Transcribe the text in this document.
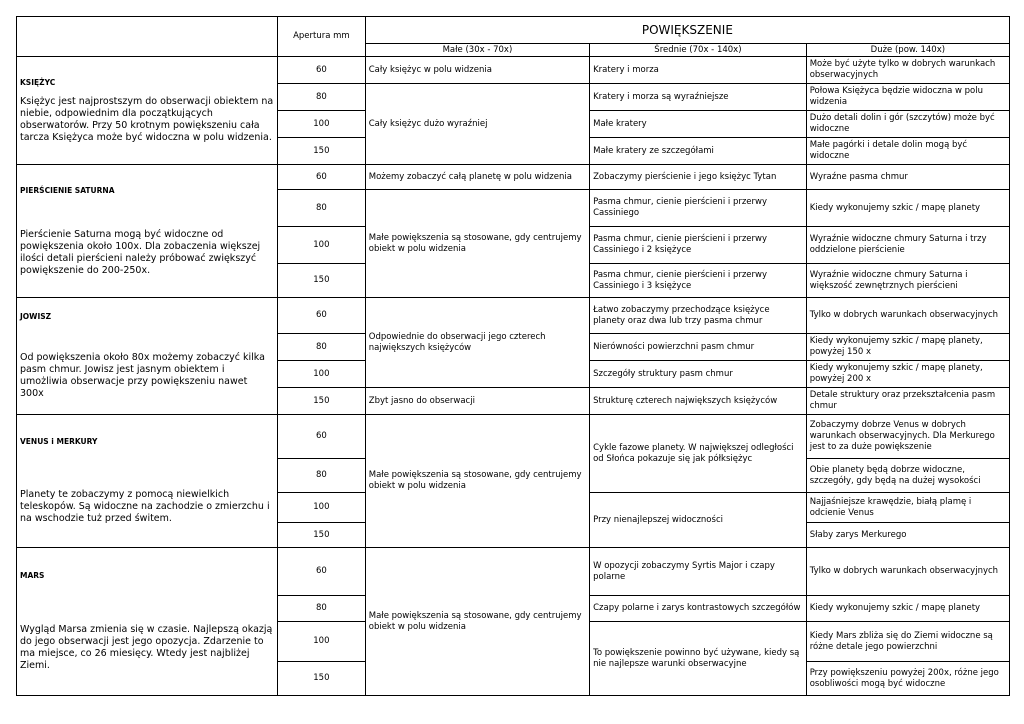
	Apertura mm	POWIĘKSZENIE		
		Małe (30x - 70x)	Średnie (70x - 140x)	Duże (pow. 140x)

KSIĘŻYC
Księżyc jest najprostszym do obserwacji obiektem na niebie, odpowiednim dla początkujących obserwatorów. Przy 50 krotnym powiększeniu cała tarcza Księżyca może być widoczna w polu widzenia.	60	Cały księżyc w polu widzenia	Kratery i morza	Może być użyte tylko w dobrych warunkach obserwacyjnych
	80	Cały księżyc dużo wyraźniej	Kratery i morza są wyraźniejsze	Połowa Księżyca będzie widoczna w polu widzenia
	100		Małe kratery	Dużo detali dolin i gór (szczytów) może być widoczne
	150		Małe kratery ze szczegółami	Małe pagórki i detale dolin mogą być widoczne

PIERŚCIENIE SATURNA
Pierścienie Saturna mogą być widoczne od powiększenia około 100x. Dla zobaczenia większej ilości detali pierścieni należy próbować zwiększyć powiększenie do 200-250x.	60	Możemy zobaczyć całą planetę w polu widzenia	Zobaczymy pierścienie i jego księżyc Tytan	Wyraźne pasma chmur
	80	Małe powiększenia są stosowane, gdy centrujemy obiekt w polu widzenia	Pasma chmur, cienie pierścieni i przerwy Cassiniego	Kiedy wykonujemy szkic / mapę planety
	100		Pasma chmur, cienie pierścieni i przerwy Cassiniego i 2 księżyce	Wyraźnie widoczne chmury Saturna i trzy oddzielone pierścienie
	150		Pasma chmur, cienie pierścieni i przerwy Cassiniego i 3 księżyce	Wyraźnie widoczne chmury Saturna i większość zewnętrznych pierścieni

JOWISZ
Od powiększenia około 80x możemy zobaczyć kilka pasm chmur. Jowisz jest jasnym obiektem i umożliwia obserwacje przy powiększeniu nawet 300x	60	Odpowiednie do obserwacji jego czterech największych księżyców	Łatwo zobaczymy przechodzące księżyce planety oraz dwa lub trzy pasma chmur	Tylko w dobrych warunkach obserwacyjnych
	80		Nierówności powierzchni pasm chmur	Kiedy wykonujemy szkic / mapę planety, powyżej 150 x
	100		Szczegóły struktury pasm chmur	Kiedy wykonujemy szkic / mapę planety, powyżej 200 x
	150	Zbyt jasno do obserwacji	Strukturę czterech największych księżyców	Detale struktury oraz przekształcenia pasm chmur

VENUS i MERKURY
Planety te zobaczymy z pomocą niewielkich teleskopów. Są widoczne na zachodzie o zmierzchu i na wschodzie tuż przed świtem.	60	Małe powiększenia są stosowane, gdy centrujemy obiekt w polu widzenia	Cykle fazowe planety. W największej odległości od Słońca pokazuje się jak półksiężyc	Zobaczymy dobrze Venus w dobrych warunkach obserwacyjnych. Dla Merkurego jest to za duże powiększenie
	80			Obie planety będą dobrze widoczne, szczegóły, gdy będą na dużej wysokości
	100		Przy nienajlepszej widoczności	Najjaśniejsze krawędzie, białą plamę i odcienie Venus
	150			Słaby zarys Merkurego

MARS
Wygląd Marsa zmienia się w czasie. Najlepszą okazją do jego obserwacji jest jego opozycja. Zdarzenie to ma miejsce, co 26 miesięcy. Wtedy jest najbliżej Ziemi.	60	Małe powiększenia są stosowane, gdy centrujemy obiekt w polu widzenia	W opozycji zobaczymy Syrtis Major i czapy polarne	Tylko w dobrych warunkach obserwacyjnych
	80		Czapy polarne i zarys kontrastowych szczegółów	Kiedy wykonujemy szkic / mapę planety
	100		To powiększenie powinno być używane, kiedy są nie najlepsze warunki obserwacyjne	Kiedy Mars zbliża się do Ziemi widoczne są różne detale jego powierzchni
	150			Przy powiększeniu powyżej 200x, różne jego osobliwości mogą być widoczne
